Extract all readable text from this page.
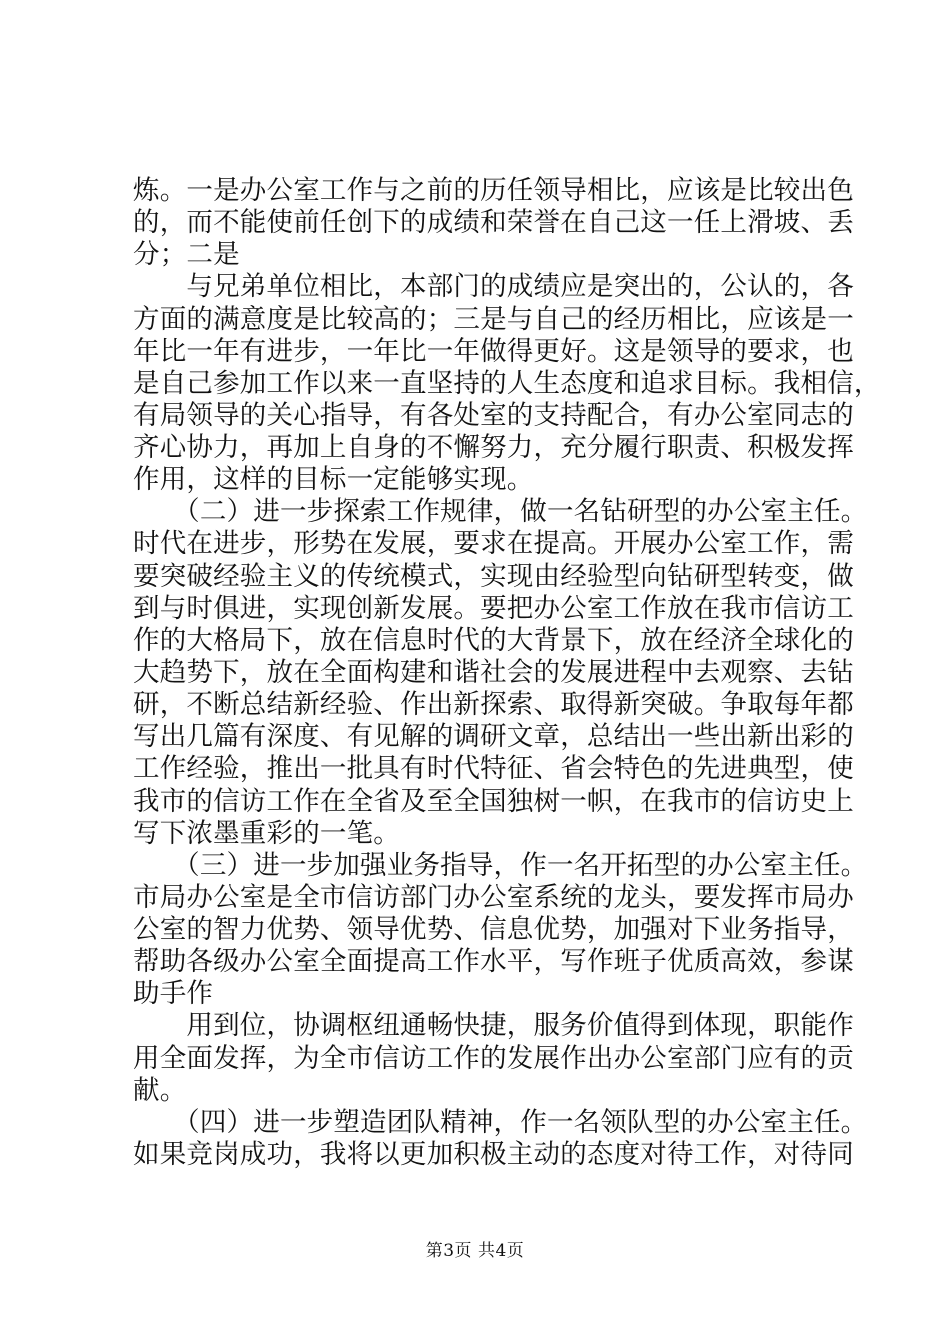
炼。一是办公室工作与之前的历任领导相比，应该是比较出色
的，而不能使前任创下的成绩和荣誉在自己这一任上滑坡、丢
分；二是
　　与兄弟单位相比，本部门的成绩应是突出的，公认的，各
方面的满意度是比较高的；三是与自己的经历相比，应该是一
年比一年有进步，一年比一年做得更好。这是领导的要求，也
是自己参加工作以来一直坚持的人生态度和追求目标。我相信，
有局领导的关心指导，有各处室的支持配合，有办公室同志的
齐心协力，再加上自身的不懈努力，充分履行职责、积极发挥
作用，这样的目标一定能够实现。
　　（二）进一步探索工作规律，做一名钻研型的办公室主任。
时代在进步，形势在发展，要求在提高。开展办公室工作，需
要突破经验主义的传统模式，实现由经验型向钻研型转变，做
到与时俱进，实现创新发展。要把办公室工作放在我市信访工
作的大格局下，放在信息时代的大背景下，放在经济全球化的
大趋势下，放在全面构建和谐社会的发展进程中去观察、去钻
研，不断总结新经验、作出新探索、取得新突破。争取每年都
写出几篇有深度、有见解的调研文章，总结出一些出新出彩的
工作经验，推出一批具有时代特征、省会特色的先进典型，使
我市的信访工作在全省及至全国独树一帜，在我市的信访史上
写下浓墨重彩的一笔。
　　（三）进一步加强业务指导，作一名开拓型的办公室主任。
市局办公室是全市信访部门办公室系统的龙头，要发挥市局办
公室的智力优势、领导优势、信息优势，加强对下业务指导，
帮助各级办公室全面提高工作水平，写作班子优质高效，参谋
助手作
　　用到位，协调枢纽通畅快捷，服务价值得到体现，职能作
用全面发挥，为全市信访工作的发展作出办公室部门应有的贡
献。
　　（四）进一步塑造团队精神，作一名领队型的办公室主任。
如果竞岗成功，我将以更加积极主动的态度对待工作，对待同
第3页 共4页
